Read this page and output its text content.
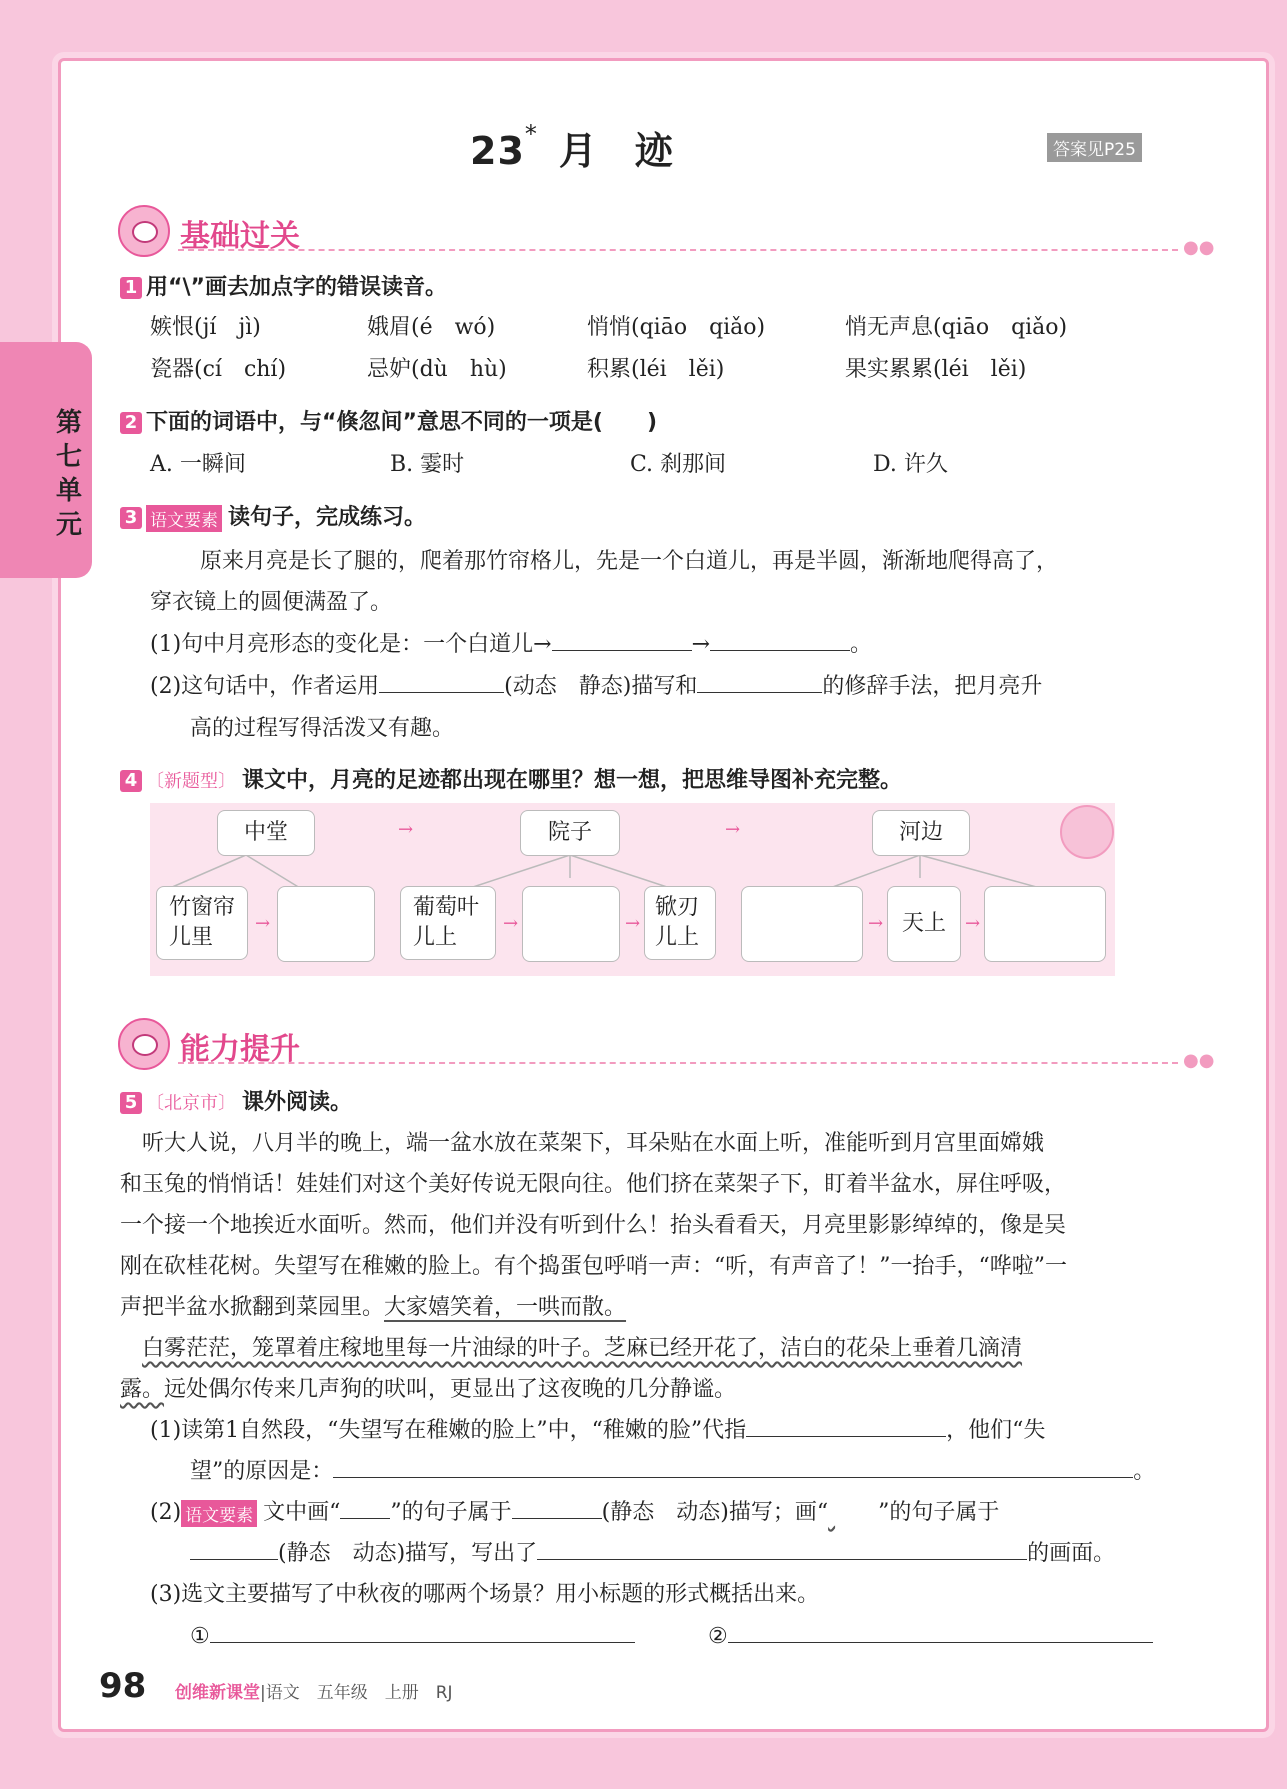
第七单元
23* 月　迹	答案见P25
基础过关	●●
1 用“\”画去加点字的错误读音。
嫉恨(jí　jì)	娥眉(é　wó)	悄悄(qiāo　qiǎo)	悄无声息(qiāo　qiǎo)
瓷器(cí　chí)	忌妒(dù　hù)	积累(léi　lěi)	果实累累(léi　lěi)
2 下面的词语中，与“倏忽间”意思不同的一项是(　　)
A. 一瞬间	B. 霎时	C. 刹那间	D. 许久
3 语文要素 读句子，完成练习。
原来月亮是长了腿的，爬着那竹帘格儿，先是一个白道儿，再是半圆，渐渐地爬得高了，
穿衣镜上的圆便满盈了。
(1)句中月亮形态的变化是：一个白道儿→	→	。
(2)这句话中，作者运用	(动态　静态)描写和	的修辞手法，把月亮升
高的过程写得活泼又有趣。
4 〔新题型〕 课文中，月亮的足迹都出现在哪里？想一想，把思维导图补充完整。
中堂	→	院子	→	河边
竹窗帘儿里
→
葡萄叶儿上
→	→
锨刃儿上
→ 天上	→
能力提升	●●
5 〔北京市〕 课外阅读。
　听大人说，八月半的晚上，端一盆水放在菜架下，耳朵贴在水面上听，准能听到月宫里面嫦娥
和玉兔的悄悄话！娃娃们对这个美好传说无限向往。他们挤在菜架子下，盯着半盆水，屏住呼吸，
一个接一个地挨近水面听。然而，他们并没有听到什么！抬头看看天，月亮里影影绰绰的，像是吴
刚在砍桂花树。失望写在稚嫩的脸上。有个捣蛋包呼哨一声：“听，有声音了！”一抬手，“哗啦”一
声把半盆水掀翻到菜园里。大家嬉笑着，一哄而散。
　白雾茫茫，笼罩着庄稼地里每一片油绿的叶子。芝麻已经开花了，洁白的花朵上垂着几滴清
露。远处偶尔传来几声狗的吠叫，更显出了这夜晚的几分静谧。
(1)读第1自然段，“失望写在稚嫩的脸上”中，“稚嫩的脸”代指	，他们“失
望”的原因是：	。
(2) 语文要素 文中画“ ”的句子属于	(静态　动态)描写；画“ ”的句子属于
(静态　动态)描写，写出了	的画面。
(3)选文主要描写了中秋夜的哪两个场景？用小标题的形式概括出来。
①	②
98 创维新课堂|语文　五年级　上册　RJ
